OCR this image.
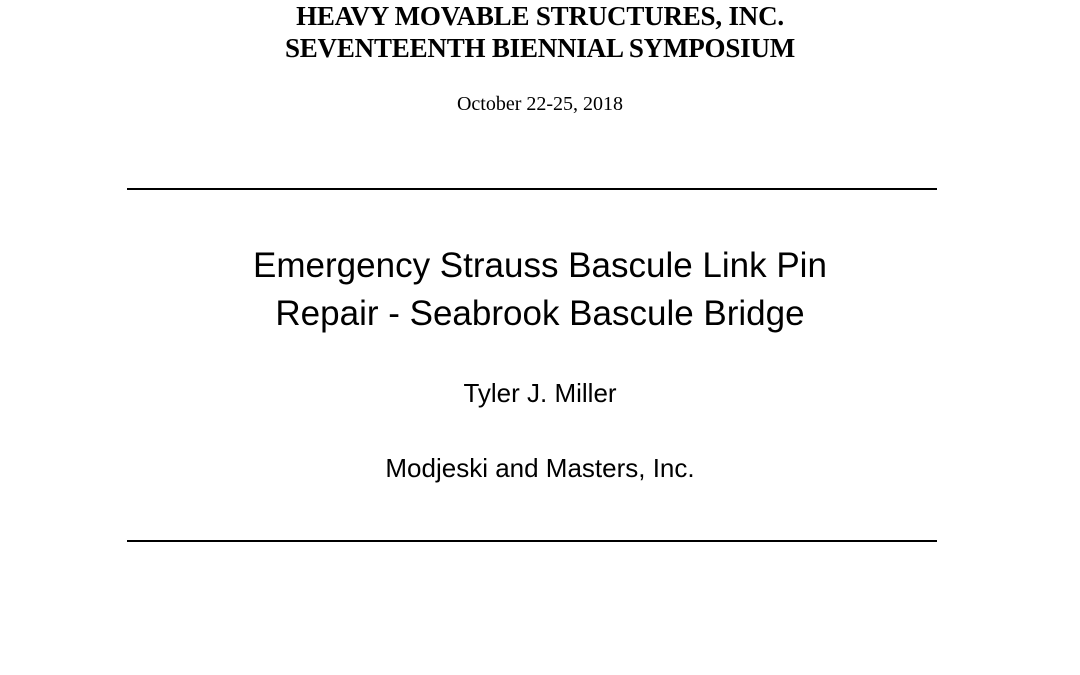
HEAVY MOVABLE STRUCTURES, INC.
SEVENTEENTH BIENNIAL SYMPOSIUM
October 22-25, 2018
Emergency Strauss Bascule Link Pin
Repair - Seabrook Bascule Bridge
Tyler J. Miller
Modjeski and Masters, Inc.
